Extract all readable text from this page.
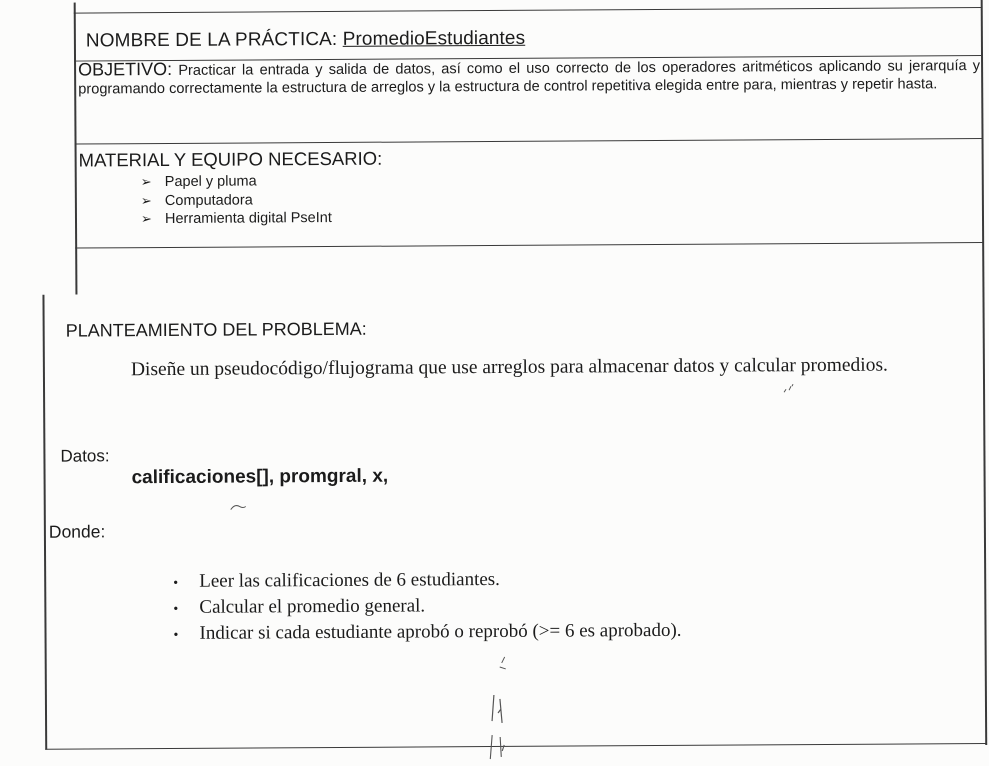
NOMBRE DE LA PRÁCTICA: PromedioEstudiantes
OBJETIVO: Practicar la entrada y salida de datos, así como el uso correcto de los operadores aritméticos aplicando su jerarquía y programando correctamente la estructura de arreglos y la estructura de control repetitiva elegida entre para, mientras y repetir hasta.
MATERIAL Y EQUIPO NECESARIO:
➢ Papel y pluma
➢ Computadora
➢ Herramienta digital PseInt
PLANTEAMIENTO DEL PROBLEMA:
Diseñe un pseudocódigo/flujograma que use arreglos para almacenar datos y calcular promedios.
Datos:
calificaciones[], promgral, x,
Donde:
• Leer las calificaciones de 6 estudiantes.
• Calcular el promedio general.
• Indicar si cada estudiante aprobó o reprobó (>= 6 es aprobado).
